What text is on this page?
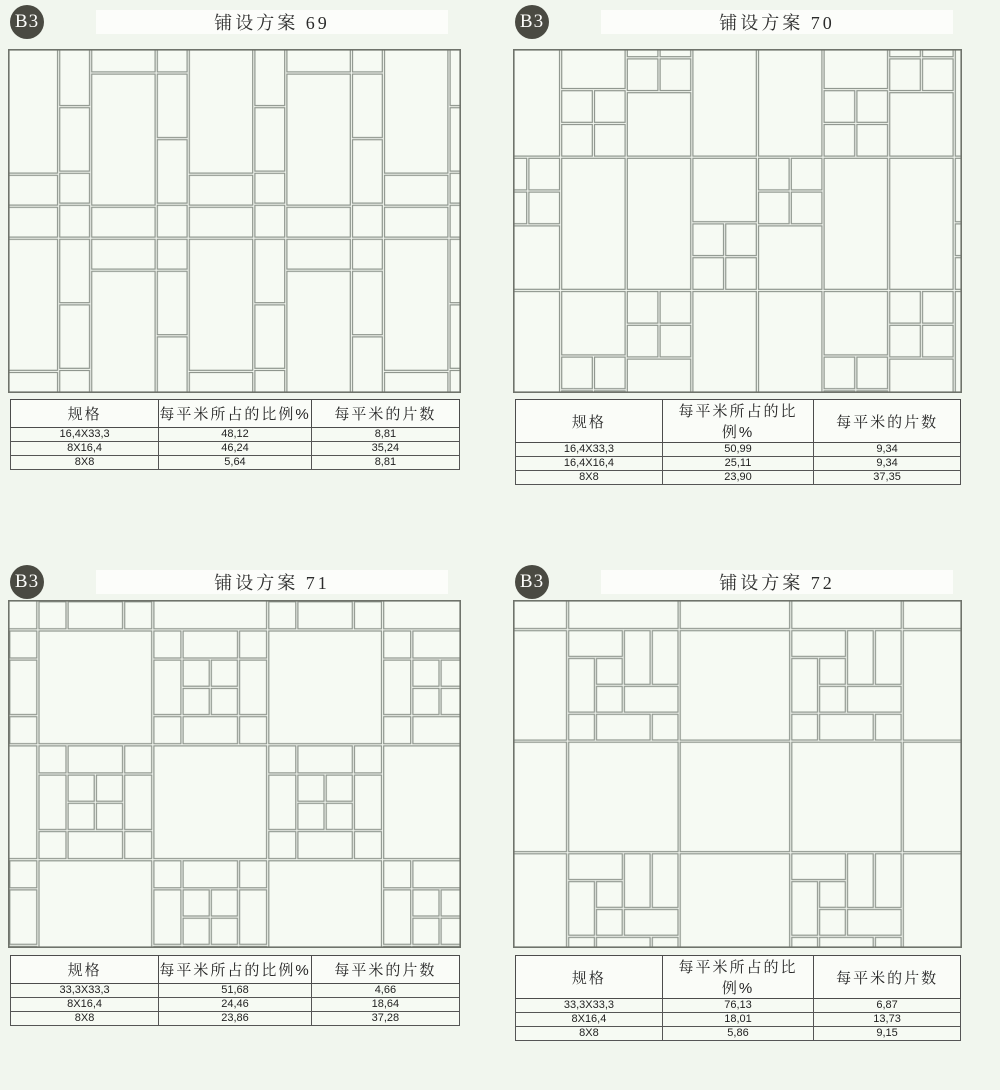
B3	铺设方案 69
规格	每平米所占的比例%	每平米的片数
16,4X33,3	48,12	8,81
8X16,4	46,24	35,24
8X8	5,64	8,81
B3	铺设方案 70
规格	每平米所占的比例%	每平米的片数
16,4X33,3	50,99	9,34
16,4X16,4	25,11	9,34
8X8	23,90	37,35
B3	铺设方案 71
规格	每平米所占的比例%	每平米的片数
33,3X33,3	51,68	4,66
8X16,4	24,46	18,64
8X8	23,86	37,28
B3	铺设方案 72
规格	每平米所占的比例%	每平米的片数
33,3X33,3	76,13	6,87
8X16,4	18,01	13,73
8X8	5,86	9,15
